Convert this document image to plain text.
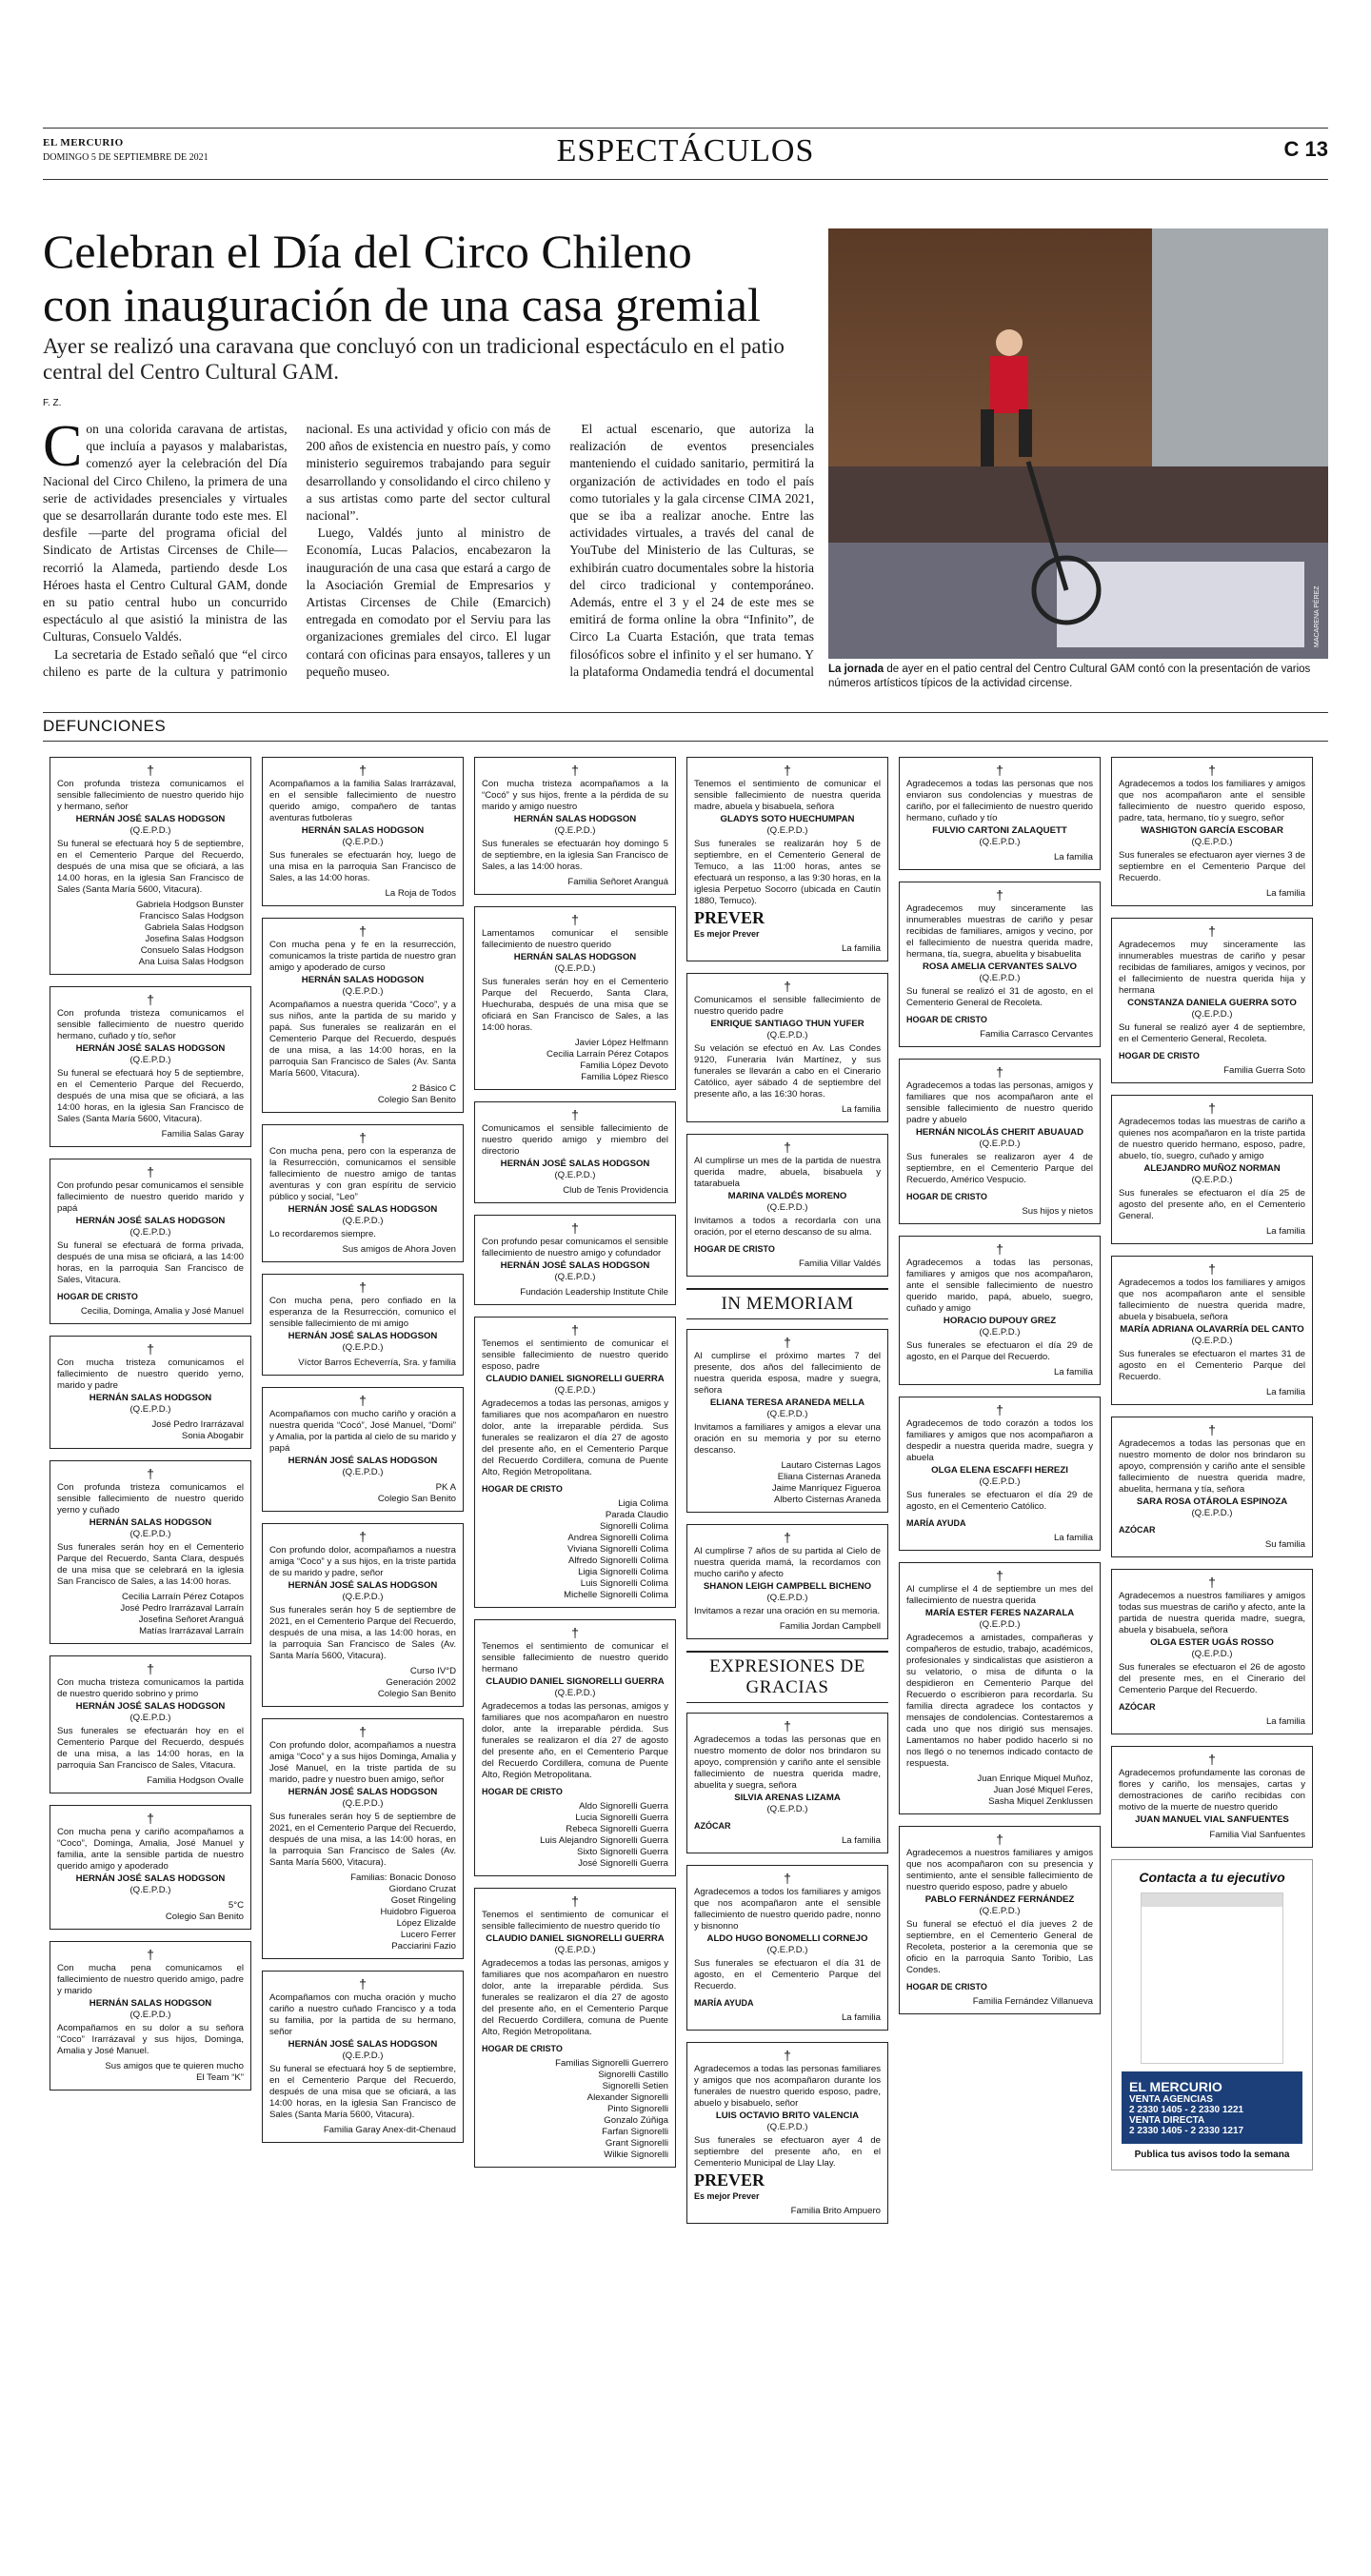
EL MERCURIO
DOMINGO 5 DE SEPTIEMBRE DE 2021	ESPECTÁCULOS	C 13
Celebran el Día del Circo Chileno
con inauguración de una casa gremial
Ayer se realizó una caravana que concluyó con un tradicional espectáculo en el patio central del Centro Cultural GAM.
F. Z.

Con una colorida caravana de artistas, que incluía a payasos y malabaristas, comenzó ayer la celebración del Día Nacional del Circo Chileno, la primera de una serie de actividades presenciales y virtuales que se desarrollarán durante todo este mes. El desfile —parte del programa oficial del Sindicato de Artistas Circenses de Chile— recorrió la Alameda, partiendo desde Los Héroes hasta el Centro Cultural GAM, donde en su patio central hubo un concurrido espectáculo al que asistió la ministra de las Culturas, Consuelo Valdés.

La secretaria de Estado señaló que “el circo chileno es parte de la cultura y patrimonio nacional. Es una actividad y oficio con más de 200 años de existencia en nuestro país, y como ministerio seguiremos trabajando para seguir desarrollando y consolidando el circo chileno y a sus artistas como parte del sector cultural nacional”.

Luego, Valdés junto al ministro de Economía, Lucas Palacios, encabezaron la inauguración de una casa que estará a cargo de la Asociación Gremial de Empresarios y Artistas Circenses de Chile (Emarcich) entregada en comodato por el Serviu para las organizaciones gremiales del circo. El lugar contará con oficinas para ensayos, talleres y un pequeño museo.

El actual escenario, que autoriza la realización de eventos presenciales manteniendo el cuidado sanitario, permitirá la organización de actividades en todo el país como tutoriales y la gala circense CIMA 2021, que se iba a realizar anoche. Entre las actividades virtuales, a través del canal de YouTube del Ministerio de las Culturas, se exhibirán cuatro documentales sobre la historia del circo tradicional y contemporáneo. Además, entre el 3 y el 24 de este mes se emitirá de forma online la obra “Infinito”, de Circo La Cuarta Estación, que trata temas filosóficos sobre el infinito y el ser humano. Y la plataforma Ondamedia tendrá el documental

MACARENA PÉREZ
La jornada de ayer en el patio central del Centro Cultural GAM contó con la presentación de varios números artísticos típicos de la actividad circense.
DEFUNCIONES
†
Con profunda tristeza comunicamos el sensible fallecimiento de nuestro querido hijo y hermano, señor
HERNÁN JOSÉ SALAS HODGSON
(Q.E.P.D.)
Su funeral se efectuará hoy 5 de septiembre, en el Cementerio Parque del Recuerdo, después de una misa que se oficiará, a las 14.00 horas, en la iglesia San Francisco de Sales (Santa María 5600, Vitacura).
Gabriela Hodgson Bunster
Francisco Salas Hodgson
Gabriela Salas Hodgson
Josefina Salas Hodgson
Consuelo Salas Hodgson
Ana Luisa Salas Hodgson
†
Con profunda tristeza comunicamos el sensible fallecimiento de nuestro querido hermano, cuñado y tío, señor
HERNÁN JOSÉ SALAS HODGSON
(Q.E.P.D.)
Su funeral se efectuará hoy 5 de septiembre, en el Cementerio Parque del Recuerdo, después de una misa que se oficiará, a las 14:00 horas, en la iglesia San Francisco de Sales (Santa María 5600, Vitacura).
Familia Salas Garay
†
Con profundo pesar comunicamos el sensible fallecimiento de nuestro querido marido y papá
HERNÁN JOSÉ SALAS HODGSON
(Q.E.P.D.)
Su funeral se efectuará de forma privada, después de una misa se oficiará, a las 14:00 horas, en la parroquia San Francisco de Sales, Vitacura.
HOGAR DE CRISTO
Cecilia, Dominga, Amalia y José Manuel
†
Con mucha tristeza comunicamos el fallecimiento de nuestro querido yerno, marido y padre
HERNÁN SALAS HODGSON
(Q.E.P.D.)
José Pedro Irarrázaval
Sonia Abogabir
†
Con profunda tristeza comunicamos el sensible fallecimiento de nuestro querido yerno y cuñado
HERNÁN SALAS HODGSON
(Q.E.P.D.)
Sus funerales serán hoy en el Cementerio Parque del Recuerdo, Santa Clara, después de una misa que se celebrará en la iglesia San Francisco de Sales, a las 14:00 horas.
Cecilia Larraín Pérez Cotapos
José Pedro Irarrázaval Larraín
Josefina Señoret Aranguá
Matías Irarrázaval Larraín
†
Con mucha tristeza comunicamos la partida de nuestro querido sobrino y primo
HERNÁN JOSÉ SALAS HODGSON
(Q.E.P.D.)
Sus funerales se efectuarán hoy en el Cementerio Parque del Recuerdo, después de una misa, a las 14:00 horas, en la parroquia San Francisco de Sales, Vitacura.
Familia Hodgson Ovalle
†
Con mucha pena y cariño acompañamos a “Coco”, Dominga, Amalia, José Manuel y familia, ante la sensible partida de nuestro querido amigo y apoderado
HERNÁN JOSÉ SALAS HODGSON
(Q.E.P.D.)
5°C
Colegio San Benito
†
Con mucha pena comunicamos el fallecimiento de nuestro querido amigo, padre y marido
HERNÁN SALAS HODGSON
(Q.E.P.D.)
Acompañamos en su dolor a su señora “Coco” Irarrázaval y sus hijos, Dominga, Amalia y José Manuel.
Sus amigos que te quieren mucho
El Team “K”
†
Acompañamos a la familia Salas Irarrázaval, en el sensible fallecimiento de nuestro querido amigo, compañero de tantas aventuras futboleras
HERNÁN SALAS HODGSON
(Q.E.P.D.)
Sus funerales se efectuarán hoy, luego de una misa en la parroquia San Francisco de Sales, a las 14:00 horas.
La Roja de Todos
†
Con mucha pena y fe en la resurrección, comunicamos la triste partida de nuestro gran amigo y apoderado de curso
HERNÁN SALAS HODGSON
(Q.E.P.D.)
Acompañamos a nuestra querida “Coco”, y a sus niños, ante la partida de su marido y papá. Sus funerales se realizarán en el Cementerio Parque del Recuerdo, después de una misa, a las 14:00 horas, en la parroquia San Francisco de Sales (Av. Santa María 5600, Vitacura).
2 Básico C
Colegio San Benito
†
Con mucha pena, pero con la esperanza de la Resurrección, comunicamos el sensible fallecimiento de nuestro amigo de tantas aventuras y con gran espíritu de servicio público y social, “Leo”
HERNÁN JOSÉ SALAS HODGSON
(Q.E.P.D.)
Lo recordaremos siempre.
Sus amigos de Ahora Joven
†
Con mucha pena, pero confiado en la esperanza de la Resurrección, comunico el sensible fallecimiento de mi amigo
HERNÁN JOSÉ SALAS HODGSON
(Q.E.P.D.)
Víctor Barros Echeverría, Sra. y familia
†
Acompañamos con mucho cariño y oración a nuestra querida “Cocó”, José Manuel, “Domi” y Amalia, por la partida al cielo de su marido y papá
HERNÁN JOSÉ SALAS HODGSON
(Q.E.P.D.)
PK A
Colegio San Benito
†
Con profundo dolor, acompañamos a nuestra amiga “Coco” y a sus hijos, en la triste partida de su marido y padre, señor
HERNÁN JOSÉ SALAS HODGSON
(Q.E.P.D.)
Sus funerales serán hoy 5 de septiembre de 2021, en el Cementerio Parque del Recuerdo, después de una misa, a las 14:00 horas, en la parroquia San Francisco de Sales (Av. Santa María 5600, Vitacura).
Curso IV°D
Generación 2002
Colegio San Benito
†
Con profundo dolor, acompañamos a nuestra amiga “Coco” y a sus hijos Dominga, Amalia y José Manuel, en la triste partida de su marido, padre y nuestro buen amigo, señor
HERNÁN JOSÉ SALAS HODGSON
(Q.E.P.D.)
Sus funerales serán hoy 5 de septiembre de 2021, en el Cementerio Parque del Recuerdo, después de una misa, a las 14:00 horas, en la parroquia San Francisco de Sales (Av. Santa María 5600, Vitacura).
Familias: Bonacic Donoso
Giordano Cruzat
Goset Ringeling
Huidobro Figueroa
López Elizalde
Lucero Ferrer
Pacciarini Fazio
†
Acompañamos con mucha oración y mucho cariño a nuestro cuñado Francisco y a toda su familia, por la partida de su hermano, señor
HERNÁN JOSÉ SALAS HODGSON
(Q.E.P.D.)
Su funeral se efectuará hoy 5 de septiembre, en el Cementerio Parque del Recuerdo, después de una misa que se oficiará, a las 14:00 horas, en la iglesia San Francisco de Sales (Santa María 5600, Vitacura).
Familia Garay Anex-dit-Chenaud
†
Con mucha tristeza acompañamos a la “Cocó” y sus hijos, frente a la pérdida de su marido y amigo nuestro
HERNÁN SALAS HODGSON
(Q.E.P.D.)
Sus funerales se efectuarán hoy domingo 5 de septiembre, en la iglesia San Francisco de Sales, a las 14:00 horas.
Familia Señoret Aranguá
†
Lamentamos comunicar el sensible fallecimiento de nuestro querido
HERNÁN SALAS HODGSON
(Q.E.P.D.)
Sus funerales serán hoy en el Cementerio Parque del Recuerdo, Santa Clara, Huechuraba, después de una misa que se oficiará en San Francisco de Sales, a las 14:00 horas.
Javier López Helfmann
Cecilia Larraín Pérez Cotapos
Familia López Devoto
Familia López Riesco
†
Comunicamos el sensible fallecimiento de nuestro querido amigo y miembro del directorio
HERNÁN JOSÉ SALAS HODGSON
(Q.E.P.D.)
Club de Tenis Providencia
†
Con profundo pesar comunicamos el sensible fallecimiento de nuestro amigo y cofundador
HERNÁN JOSÉ SALAS HODGSON
(Q.E.P.D.)
Fundación Leadership Institute Chile
†
Tenemos el sentimiento de comunicar el sensible fallecimiento de nuestro querido esposo, padre
CLAUDIO DANIEL SIGNORELLI GUERRA
(Q.E.P.D.)
Agradecemos a todas las personas, amigos y familiares que nos acompañaron en nuestro dolor, ante la irreparable pérdida. Sus funerales se realizaron el día 27 de agosto del presente año, en el Cementerio Parque del Recuerdo Cordillera, comuna de Puente Alto, Región Metropolitana.
HOGAR DE CRISTO
Ligia Colima
Parada Claudio
Signorelli Colima
Andrea Signorelli Colima
Viviana Signorelli Colima
Alfredo Signorelli Colima
Ligia Signorelli Colima
Luis Signorelli Colima
Michelle Signorelli Colima
†
Tenemos el sentimiento de comunicar el sensible fallecimiento de nuestro querido hermano
CLAUDIO DANIEL SIGNORELLI GUERRA
(Q.E.P.D.)
Agradecemos a todas las personas, amigos y familiares que nos acompañaron en nuestro dolor, ante la irreparable pérdida. Sus funerales se realizaron el día 27 de agosto del presente año, en el Cementerio Parque del Recuerdo Cordillera, comuna de Puente Alto, Región Metropolitana.
HOGAR DE CRISTO
Aldo Signorelli Guerra
Lucia Signorelli Guerra
Rebeca Signorelli Guerra
Luis Alejandro Signorelli Guerra
Sixto Signorelli Guerra
José Signorelli Guerra
†
Tenemos el sentimiento de comunicar el sensible fallecimiento de nuestro querido tío
CLAUDIO DANIEL SIGNORELLI GUERRA
(Q.E.P.D.)
Agradecemos a todas las personas, amigos y familiares que nos acompañaron en nuestro dolor, ante la irreparable pérdida. Sus funerales se realizaron el día 27 de agosto del presente año, en el Cementerio Parque del Recuerdo Cordillera, comuna de Puente Alto, Región Metropolitana.
HOGAR DE CRISTO
Familias Signorelli Guerrero
Signorelli Castillo
Signorelli Setien
Alexander Signorelli
Pinto Signorelli
Gonzalo Zúñiga
Farfan Signorelli
Grant Signorelli
Wilkie Signorelli
†
Tenemos el sentimiento de comunicar el sensible fallecimiento de nuestra querida madre, abuela y bisabuela, señora
GLADYS SOTO HUECHUMPAN
(Q.E.P.D.)
Sus funerales se realizarán hoy 5 de septiembre, en el Cementerio General de Temuco, a las 11:00 horas, antes se efectuará un responso, a las 9:30 horas, en la iglesia Perpetuo Socorro (ubicada en Cautín 1880, Temuco).
PREVER
Es mejor Prever
La familia
†
Comunicamos el sensible fallecimiento de nuestro querido padre
ENRIQUE SANTIAGO THUN YUFER
(Q.E.P.D.)
Su velación se efectuó en Av. Las Condes 9120, Funeraria Iván Martínez, y sus funerales se llevarán a cabo en el Cinerario Católico, ayer sábado 4 de septiembre del presente año, a las 16:30 horas.
La familia
†
Al cumplirse un mes de la partida de nuestra querida madre, abuela, bisabuela y tatarabuela
MARINA VALDÉS MORENO
(Q.E.P.D.)
Invitamos a todos a recordarla con una oración, por el eterno descanso de su alma.
HOGAR DE CRISTO
Familia Villar Valdés
IN MEMORIAM
†
Al cumplirse el próximo martes 7 del presente, dos años del fallecimiento de nuestra querida esposa, madre y suegra, señora
ELIANA TERESA ARANEDA MELLA
(Q.E.P.D.)
Invitamos a familiares y amigos a elevar una oración en su memoria y por su eterno descanso.
Lautaro Cisternas Lagos
Eliana Cisternas Araneda
Jaime Manríquez Figueroa
Alberto Cisternas Araneda
†
Al cumplirse 7 años de su partida al Cielo de nuestra querida mamá, la recordamos con mucho cariño y afecto
SHANON LEIGH CAMPBELL BICHENO
(Q.E.P.D.)
Invitamos a rezar una oración en su memoria.
Familia Jordan Campbell
EXPRESIONES DE GRACIAS
†
Agradecemos a todas las personas que en nuestro momento de dolor nos brindaron su apoyo, comprensión y cariño ante el sensible fallecimiento de nuestra querida madre, abuelita y suegra, señora
SILVIA ARENAS LIZAMA
(Q.E.P.D.)
AZÓCAR
La familia
†
Agradecemos a todos los familiares y amigos que nos acompañaron ante el sensible fallecimiento de nuestro querido padre, nonno y bisnonno
ALDO HUGO BONOMELLI CORNEJO
(Q.E.P.D.)
Sus funerales se efectuaron el día 31 de agosto, en el Cementerio Parque del Recuerdo.
MARÍA AYUDA
La familia
†
Agradecemos a todas las personas familiares y amigos que nos acompañaron durante los funerales de nuestro querido esposo, padre, abuelo y bisabuelo, señor
LUIS OCTAVIO BRITO VALENCIA
(Q.E.P.D.)
Sus funerales se efectuaron ayer 4 de septiembre del presente año, en el Cementerio Municipal de Llay Llay.
PREVER
Es mejor Prever
Familia Brito Ampuero
†
Agradecemos a todas las personas que nos enviaron sus condolencias y muestras de cariño, por el fallecimiento de nuestro querido hermano, cuñado y tío
FULVIO CARTONI ZALAQUETT
(Q.E.P.D.)
La familia
†
Agradecemos muy sinceramente las innumerables muestras de cariño y pesar recibidas de familiares, amigos y vecino, por el fallecimiento de nuestra querida madre, hermana, tía, suegra, abuelita y bisabuelita
ROSA AMELIA CERVANTES SALVO
(Q.E.P.D.)
Su funeral se realizó el 31 de agosto, en el Cementerio General de Recoleta.
HOGAR DE CRISTO
Familia Carrasco Cervantes
†
Agradecemos a todas las personas, amigos y familiares que nos acompañaron ante el sensible fallecimiento de nuestro querido padre y abuelo
HERNÁN NICOLÁS CHERIT ABUAUAD
(Q.E.P.D.)
Sus funerales se realizaron ayer 4 de septiembre, en el Cementerio Parque del Recuerdo, Américo Vespucio.
HOGAR DE CRISTO
Sus hijos y nietos
†
Agradecemos a todas las personas, familiares y amigos que nos acompañaron, ante el sensible fallecimiento de nuestro querido marido, papá, abuelo, suegro, cuñado y amigo
HORACIO DUPOUY GREZ
(Q.E.P.D.)
Sus funerales se efectuaron el día 29 de agosto, en el Parque del Recuerdo.
La familia
†
Agradecemos de todo corazón a todos los familiares y amigos que nos acompañaron a despedir a nuestra querida madre, suegra y abuela
OLGA ELENA ESCAFFI HEREZI
(Q.E.P.D.)
Sus funerales se efectuaron el día 29 de agosto, en el Cementerio Católico.
MARÍA AYUDA
La familia
†
Al cumplirse el 4 de septiembre un mes del fallecimiento de nuestra querida
MARÍA ESTER FERES NAZARALA
(Q.E.P.D.)
Agradecemos a amistades, compañeras y compañeros de estudio, trabajo, académicos, profesionales y sindicalistas que asistieron a su velatorio, o misa de difunta o la despidieron en Cementerio Parque del Recuerdo o escribieron para recordarla. Su familia directa agradece los contactos y mensajes de condolencias. Contestaremos a cada uno que nos dirigió sus mensajes. Lamentamos no haber podido hacerlo si no nos llegó o no tenemos indicado contacto de respuesta.
Juan Enrique Miquel Muñoz,
Juan José Miquel Feres,
Sasha Miquel Zenklussen
†
Agradecemos a nuestros familiares y amigos que nos acompañaron con su presencia y sentimiento, ante el sensible fallecimiento de nuestro querido esposo, padre y abuelo
PABLO FERNÁNDEZ FERNÁNDEZ
(Q.E.P.D.)
Su funeral se efectuó el día jueves 2 de septiembre, en el Cementerio General de Recoleta, posterior a la ceremonia que se oficio en la parroquia Santo Toribio, Las Condes.
HOGAR DE CRISTO
Familia Fernández Villanueva
†
Agradecemos a todos los familiares y amigos que nos acompañaron ante el sensible fallecimiento de nuestro querido esposo, padre, tata, hermano, tío y suegro, señor
WASHIGTON GARCÍA ESCOBAR
(Q.E.P.D.)
Sus funerales se efectuaron ayer viernes 3 de septiembre en el Cementerio Parque del Recuerdo.
La familia
†
Agradecemos muy sinceramente las innumerables muestras de cariño y pesar recibidas de familiares, amigos y vecinos, por el fallecimiento de nuestra querida hija y hermana
CONSTANZA DANIELA GUERRA SOTO
(Q.E.P.D.)
Su funeral se realizó ayer 4 de septiembre, en el Cementerio General, Recoleta.
HOGAR DE CRISTO
Familia Guerra Soto
†
Agradecemos todas las muestras de cariño a quienes nos acompañaron en la triste partida de nuestro querido hermano, esposo, padre, abuelo, tío, suegro, cuñado y amigo
ALEJANDRO MUÑOZ NORMAN
(Q.E.P.D.)
Sus funerales se efectuaron el día 25 de agosto del presente año, en el Cementerio General.
La familia
†
Agradecemos a todos los familiares y amigos que nos acompañaron ante el sensible fallecimiento de nuestra querida madre, abuela y bisabuela, señora
MARÍA ADRIANA OLAVARRÍA DEL CANTO
(Q.E.P.D.)
Sus funerales se efectuaron el martes 31 de agosto en el Cementerio Parque del Recuerdo.
La familia
†
Agradecemos a todas las personas que en nuestro momento de dolor nos brindaron su apoyo, comprensión y cariño ante el sensible fallecimiento de nuestra querida madre, abuelita, hermana y tía, señora
SARA ROSA OTÁROLA ESPINOZA
(Q.E.P.D.)
AZÓCAR
Su familia
†
Agradecemos a nuestros familiares y amigos todas sus muestras de cariño y afecto, ante la partida de nuestra querida madre, suegra, abuela y bisabuela, señora
OLGA ESTER UGÁS ROSSO
(Q.E.P.D.)
Sus funerales se efectuaron el 26 de agosto del presente mes, en el Cinerario del Cementerio Parque del Recuerdo.
AZÓCAR
La familia
†
Agradecemos profundamente las coronas de flores y cariño, los mensajes, cartas y demostraciones de cariño recibidas con motivo de la muerte de nuestro querido
JUAN MANUEL VIAL SANFUENTES
Familia Vial Sanfuentes
Contacta a tu ejecutivo
EL MERCURIO
VENTA AGENCIAS
2 2330 1405 - 2 2330 1221
VENTA DIRECTA
2 2330 1405 - 2 2330 1217
Publica tus avisos todo la semana
